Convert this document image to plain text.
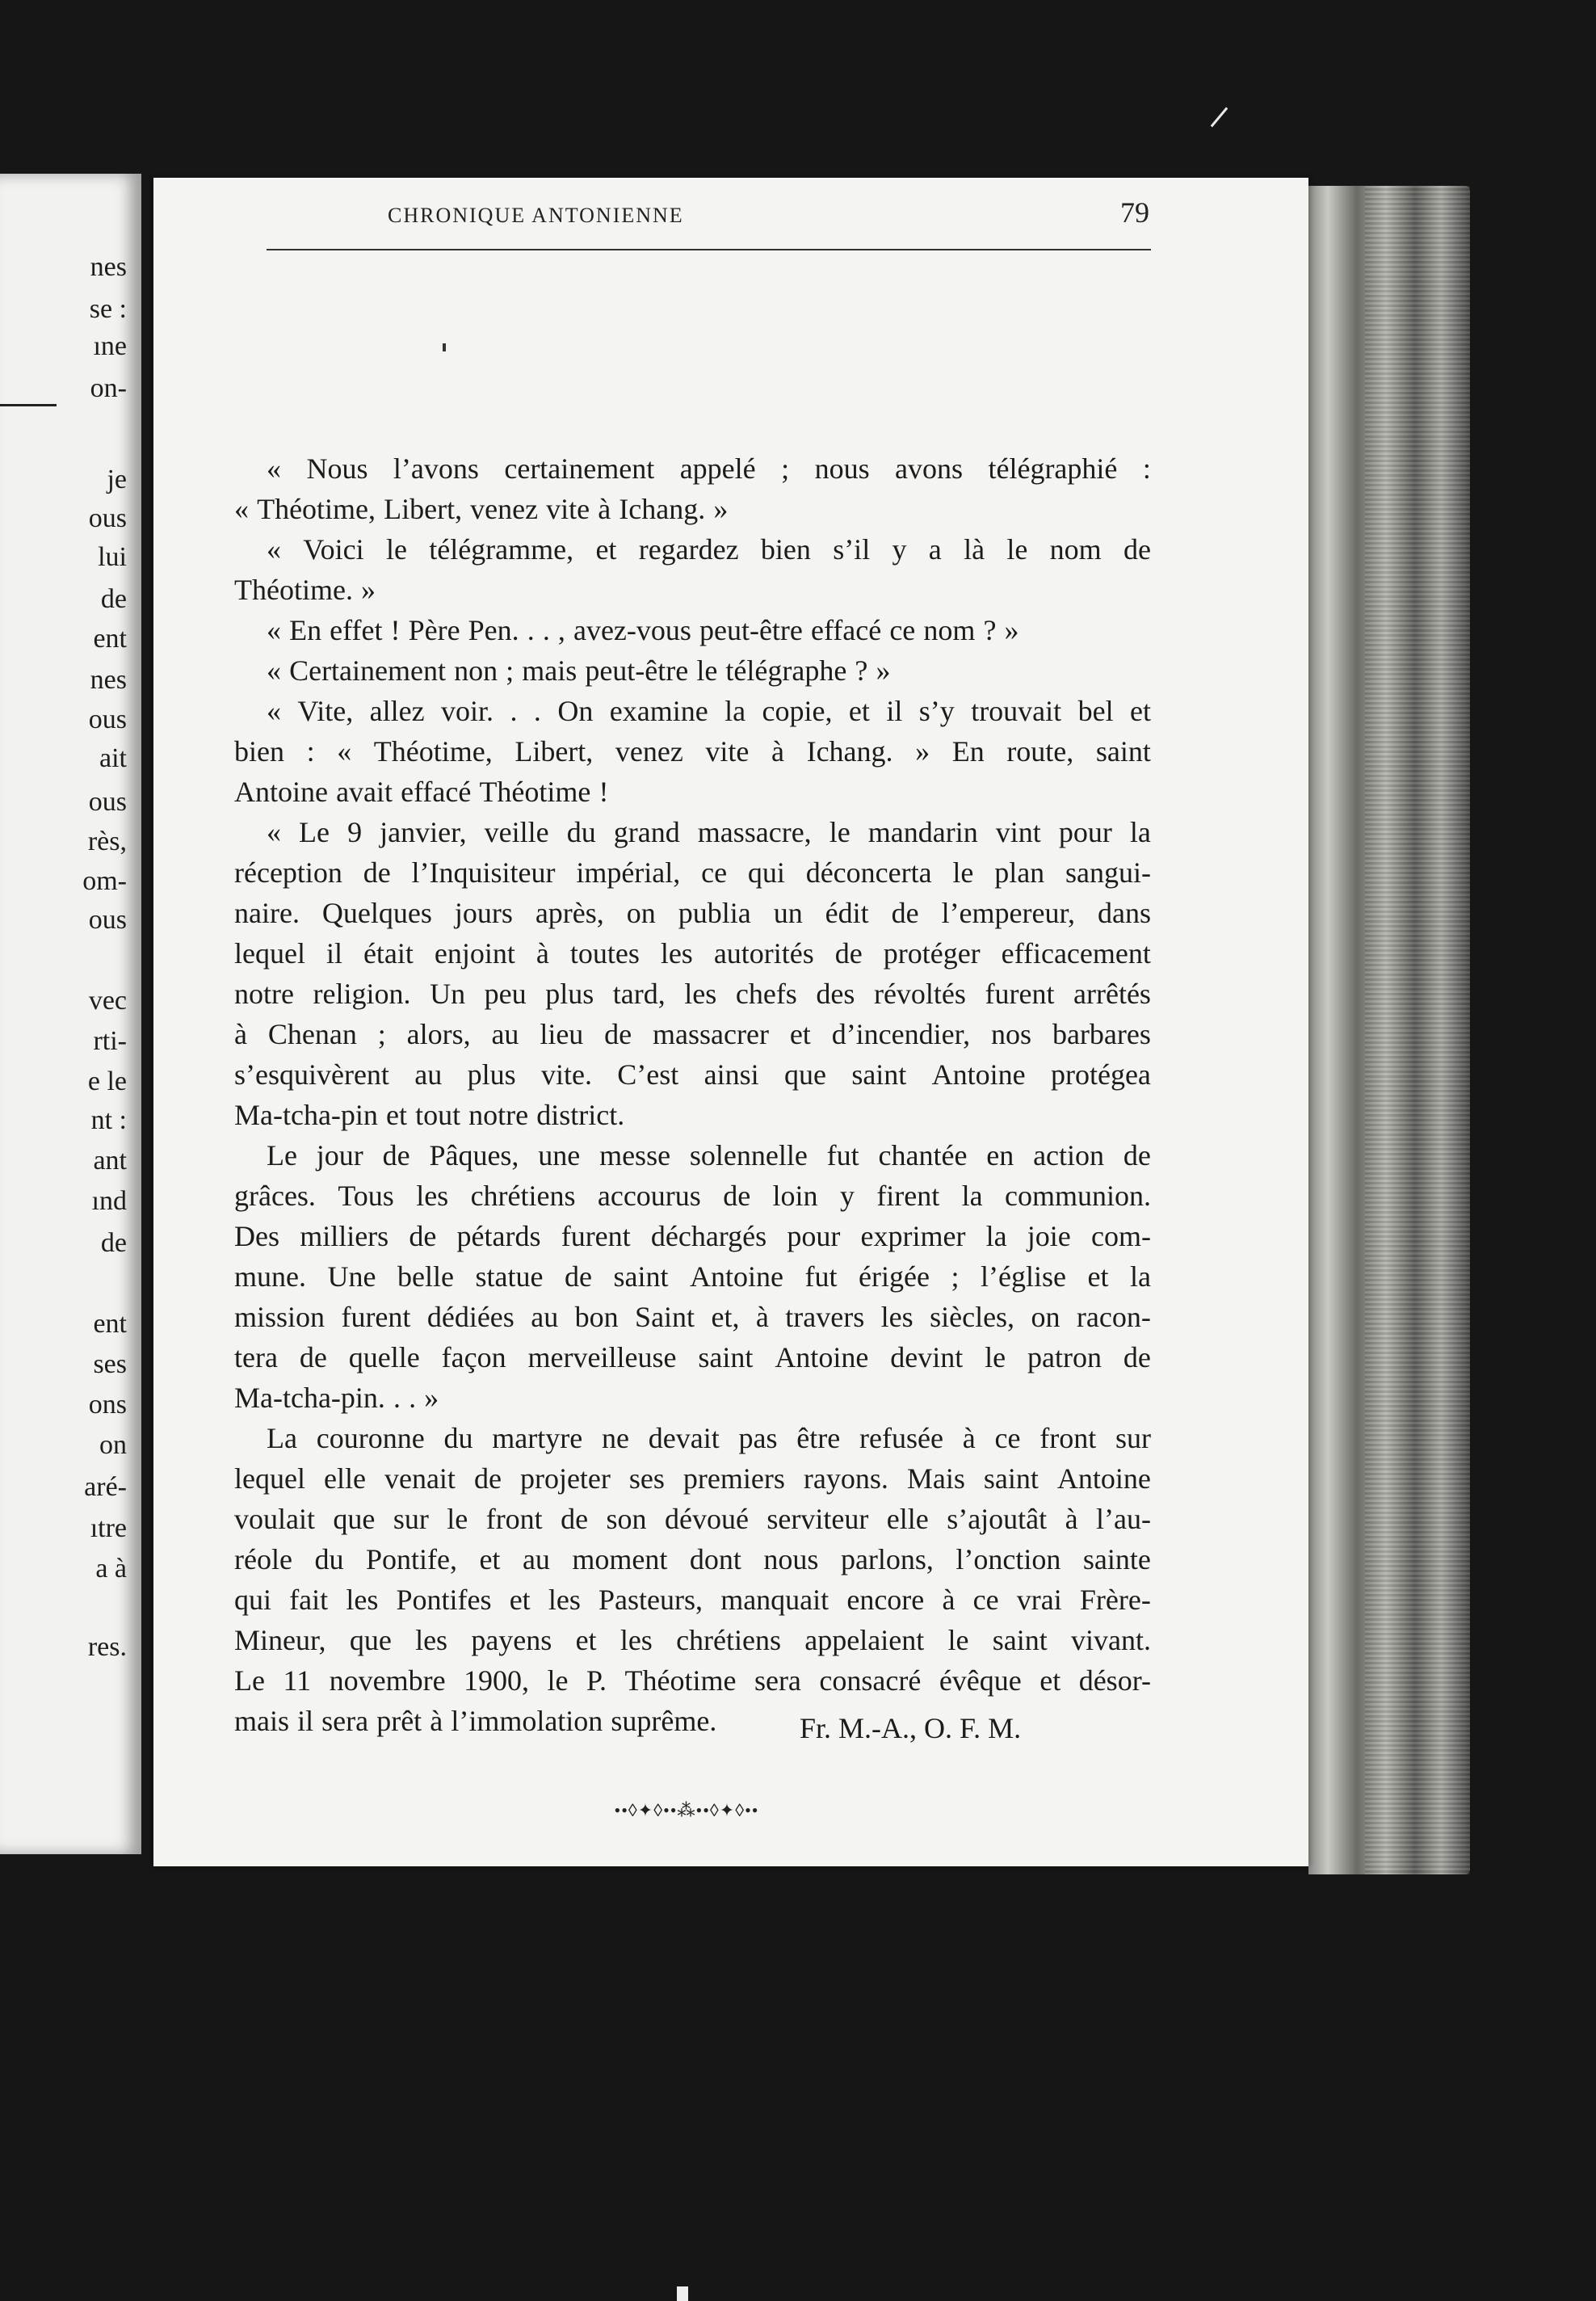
nes

se :

ıne

on-

je

ous

lui

de

ent

nes

ous

ait

ous

rès,

om-

ous

vec

rti-

e le

nt :

ant

ınd

de

ent

ses

ons

on

aré-

ıtre

a à

res.

CHRONIQUE ANTONIENNE	79

« Nous l’avons certainement appelé ; nous avons télégraphié :
« Théotime, Libert, venez vite à Ichang. »
« Voici le télégramme, et regardez bien s’il y a là le nom de
Théotime. »
« En effet ! Père Pen. . . , avez-vous peut-être effacé ce nom ? »
« Certainement non ; mais peut-être le télégraphe ? »
« Vite, allez voir. . . On examine la copie, et il s’y trouvait bel et
bien : « Théotime, Libert, venez vite à Ichang. » En route, saint
Antoine avait effacé Théotime !
« Le 9 janvier, veille du grand massacre, le mandarin vint pour la
réception de l’Inquisiteur impérial, ce qui déconcerta le plan sangui-
naire. Quelques jours après, on publia un édit de l’empereur, dans
lequel il était enjoint à toutes les autorités de protéger efficacement
notre religion. Un peu plus tard, les chefs des révoltés furent arrêtés
à Chenan ; alors, au lieu de massacrer et d’incendier, nos barbares
s’esquivèrent au plus vite. C’est ainsi que saint Antoine protégea
Ma-tcha-pin et tout notre district.
Le jour de Pâques, une messe solennelle fut chantée en action de
grâces. Tous les chrétiens accourus de loin y firent la communion.
Des milliers de pétards furent déchargés pour exprimer la joie com-
mune. Une belle statue de saint Antoine fut érigée ; l’église et la
mission furent dédiées au bon Saint et, à travers les siècles, on racon-
tera de quelle façon merveilleuse saint Antoine devint le patron de
Ma-tcha-pin. . . »
La couronne du martyre ne devait pas être refusée à ce front sur
lequel elle venait de projeter ses premiers rayons. Mais saint Antoine
voulait que sur le front de son dévoué serviteur elle s’ajoutât à l’au-
réole du Pontife, et au moment dont nous parlons, l’onction sainte
qui fait les Pontifes et les Pasteurs, manquait encore à ce vrai Frère-
Mineur, que les payens et les chrétiens appelaient le saint vivant.
Le 11 novembre 1900, le P. Théotime sera consacré évêque et désor-
mais il sera prêt à l’immolation suprême.	Fr. M.-A., O. F. M.

••◊✦◊••⁂••◊✦◊••
